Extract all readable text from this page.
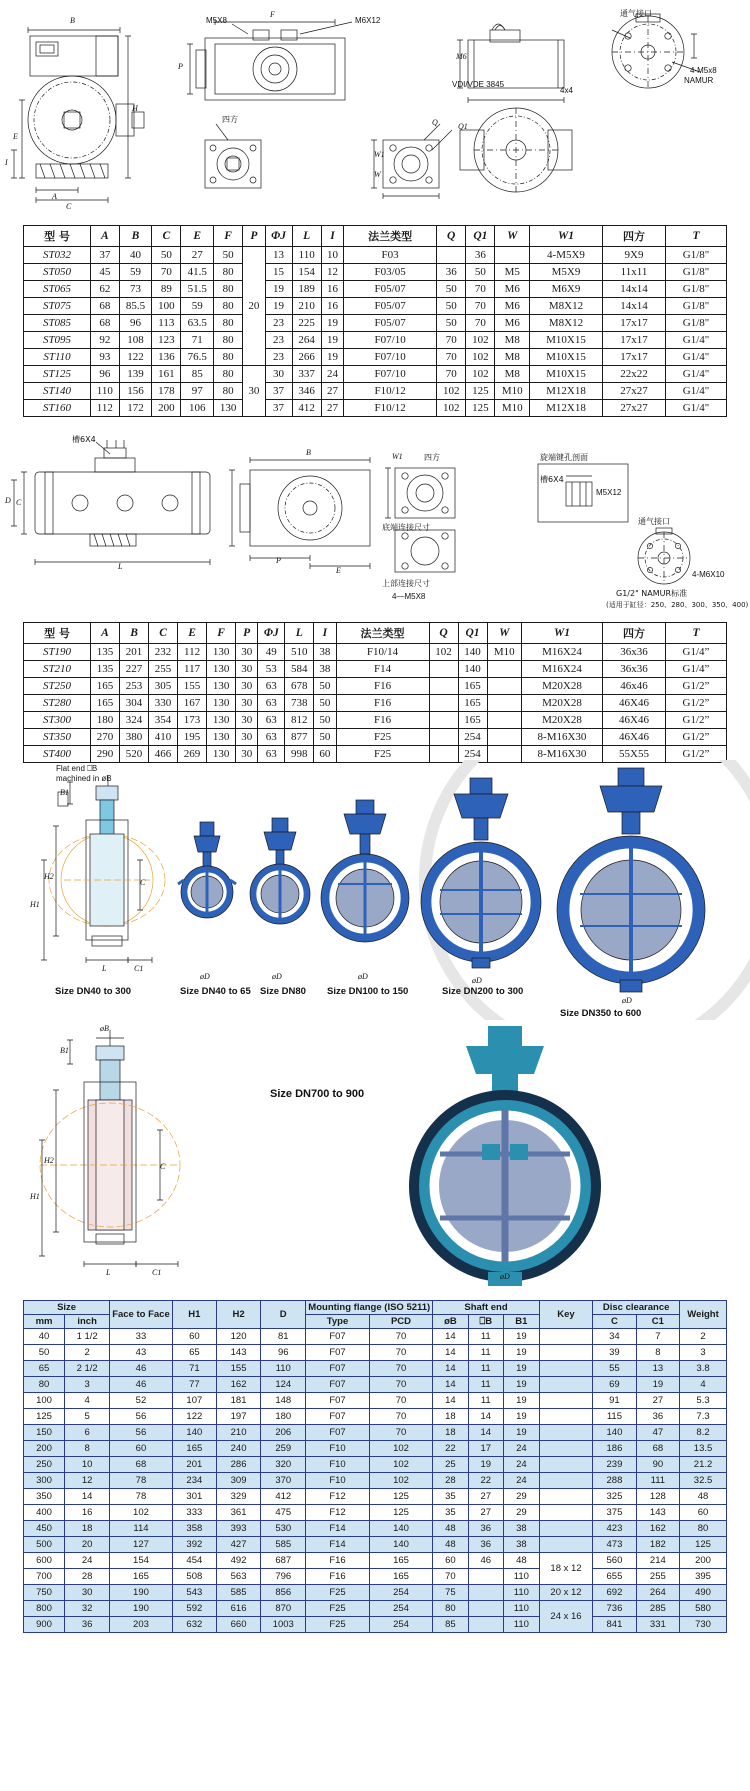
B
A
C
I
E
H
M5X8	M6X12
F
P
四方	Q	Q1
W1
W
通气接口
VDI/VDE 3845	NAMUR
4-M5x8
M6
4x4
型 号	A	B	C	E	F	P	ΦJ	L	I	法兰类型	Q	Q1	W	W1	四方	T
ST032	37	40	50	27	50	20	13	110	10	F03		36		4-M5X9	9X9	G1/8"
ST050	45	59	70	41.5	80		15	154	12	F03/05	36	50	M5	M5X9	11x11	G1/8"
ST065	62	73	89	51.5	80		19	189	16	F05/07	50	70	M6	M6X9	14x14	G1/8"
ST075	68	85.5	100	59	80		19	210	16	F05/07	50	70	M6	M8X12	14x14	G1/8"
ST085	68	96	113	63.5	80		23	225	19	F05/07	50	70	M6	M8X12	17x17	G1/8"
ST095	92	108	123	71	80		23	264	19	F07/10	70	102	M8	M10X15	17x17	G1/4"
ST110	93	122	136	76.5	80		23	266	19	F07/10	70	102	M8	M10X15	17x17	G1/4"
ST125	96	139	161	85	80	30	30	337	24	F07/10	70	102	M8	M10X15	22x22	G1/4"
ST140	110	156	178	97	80		37	346	27	F10/12	102	125	M10	M12X18	27x27	G1/4"
ST160	112	172	200	106	130		37	412	27	F10/12	102	125	M10	M12X18	27x27	G1/4"
槽6X4
D C
L
B
E
P
W1	四方
底端连接尺寸
上部连接尺寸
4—M5X8
旋端键孔剖面
槽6X4
M5X12
通气接口
4-M6X10
G1/2" NAMUR标准
(适用于缸径：250、280、300、350、400)
型 号	A	B	C	E	F	P	ΦJ	L	I	法兰类型	Q	Q1	W	W1	四方	T
ST190	135	201	232	112	130	30	49	510	38	F10/14	102	140	M10	M16X24	36x36	G1/4”
ST210	135	227	255	117	130	30	53	584	38	F14		140		M16X24	36x36	G1/4”
ST250	165	253	305	155	130	30	63	678	50	F16		165		M20X28	46x46	G1/2”
ST280	165	304	330	167	130	30	63	738	50	F16		165		M20X28	46X46	G1/2”
ST300	180	324	354	173	130	30	63	812	50	F16		165		M20X28	46X46	G1/2”
ST350	270	380	410	195	130	30	63	877	50	F25		254		8-M16X30	46X46	G1/2”
ST400	290	520	466	269	130	30	63	998	60	F25		254		8-M16X30	55X55	G1/2”
Flat end ⎕B
machined in øB
B1
H2
H1
C
L	C1
Size DN40 to 300	Size DN40 to 65 Size DN80 Size DN100 to 150	Size DN200 to 300
Size DN350 to 600
øD	øD	øD	øD
øD
øB
B1
H2
H1
C
L	C1
Size DN700 to 900
øD
Size		Face to Face	H1	H2	D	Mounting flange (ISO 5211)		Shaft end			Key	Disc clearance		Weight
mm	inch					Type	PCD	øB	⎕B	B1		C	C1	
40	1 1/2	33	60	120	81	F07	70	14	11	19		34	7	2
50	2	43	65	143	96	F07	70	14	11	19		39	8	3
65	2 1/2	46	71	155	110	F07	70	14	11	19		55	13	3.8
80	3	46	77	162	124	F07	70	14	11	19		69	19	4
100	4	52	107	181	148	F07	70	14	11	19		91	27	5.3
125	5	56	122	197	180	F07	70	18	14	19		115	36	7.3
150	6	56	140	210	206	F07	70	18	14	19		140	47	8.2
200	8	60	165	240	259	F10	102	22	17	24		186	68	13.5
250	10	68	201	286	320	F10	102	25	19	24		239	90	21.2
300	12	78	234	309	370	F10	102	28	22	24		288	111	32.5
350	14	78	301	329	412	F12	125	35	27	29		325	128	48
400	16	102	333	361	475	F12	125	35	27	29		375	143	60
450	18	114	358	393	530	F14	140	48	36	38		423	162	80
500	20	127	392	427	585	F14	140	48	36	38		473	182	125
600	24	154	454	492	687	F16	165	60	46	48	18 x 12	560	214	200
700	28	165	508	563	796	F16	165	70		110		655	255	395
750	30	190	543	585	856	F25	254	75		110	20 x 12	692	264	490
800	32	190	592	616	870	F25	254	80		110	24 x 16	736	285	580
900	36	203	632	660	1003	F25	254	85		110		841	331	730
